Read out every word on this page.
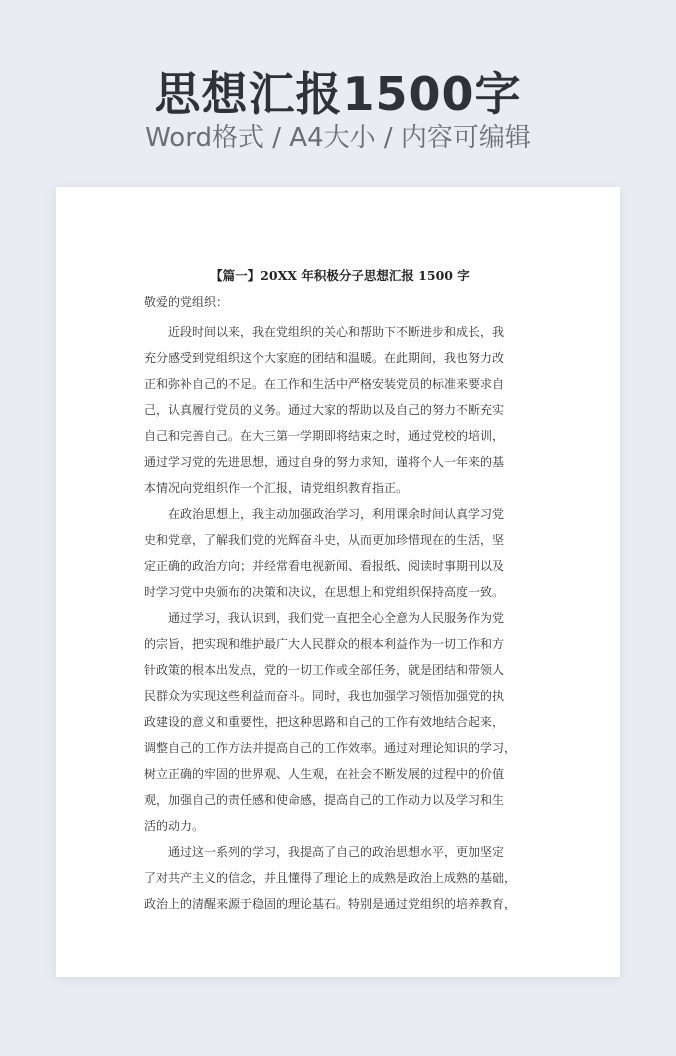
思想汇报1500字
Word格式 / A4大小 / 内容可编辑
【篇一】20XX 年积极分子思想汇报 1500 字
敬爱的党组织：
近段时间以来，我在党组织的关心和帮助下不断进步和成长，我
充分感受到党组织这个大家庭的团结和温暖。在此期间，我也努力改
正和弥补自己的不足。在工作和生活中严格安装党员的标准来要求自
己，认真履行党员的义务。通过大家的帮助以及自己的努力不断充实
自己和完善自己。在大三第一学期即将结束之时，通过党校的培训，
通过学习党的先进思想，通过自身的努力求知，谨将个人一年来的基
本情况向党组织作一个汇报，请党组织教育指正。
在政治思想上，我主动加强政治学习，利用课余时间认真学习党
史和党章，了解我们党的光辉奋斗史，从而更加珍惜现在的生活，坚
定正确的政治方向；并经常看电视新闻、看报纸、阅读时事期刊以及
时学习党中央颁布的决策和决议，在思想上和党组织保持高度一致。
通过学习，我认识到，我们党一直把全心全意为人民服务作为党
的宗旨，把实现和维护最广大人民群众的根本利益作为一切工作和方
针政策的根本出发点，党的一切工作或全部任务，就是团结和带领人
民群众为实现这些利益而奋斗。同时，我也加强学习领悟加强党的执
政建设的意义和重要性，把这种思路和自己的工作有效地结合起来，
调整自己的工作方法并提高自己的工作效率。通过对理论知识的学习，
树立正确的牢固的世界观、人生观，在社会不断发展的过程中的价值
观，加强自己的责任感和使命感，提高自己的工作动力以及学习和生
活的动力。
通过这一系列的学习，我提高了自己的政治思想水平，更加坚定
了对共产主义的信念，并且懂得了理论上的成熟是政治上成熟的基础，
政治上的清醒来源于稳固的理论基石。特别是通过党组织的培养教育，
